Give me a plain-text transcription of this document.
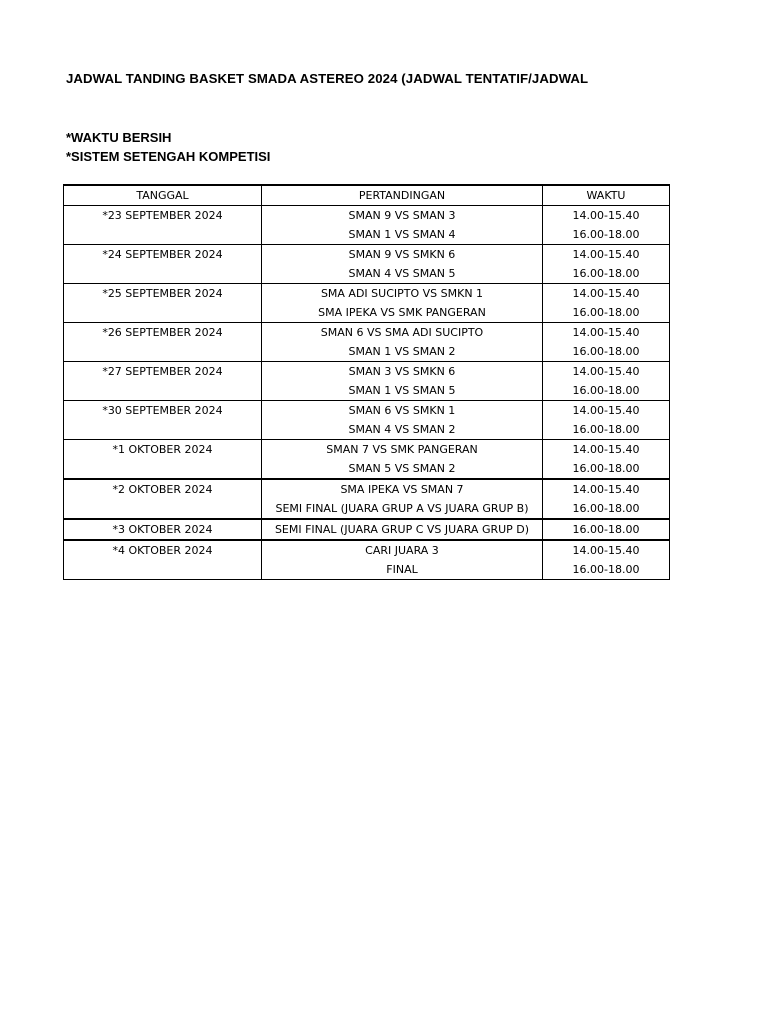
JADWAL TANDING BASKET SMADA ASTEREO 2024 (JADWAL TENTATIF/JADWAL
*WAKTU BERSIH
*SISTEM SETENGAH KOMPETISI
TANGGAL	PERTANDINGAN	WAKTU
*23 SEPTEMBER 2024	SMAN 9 VS SMAN 3	14.00-15.40
	SMAN 1 VS SMAN 4	16.00-18.00
*24 SEPTEMBER 2024	SMAN 9 VS SMKN 6	14.00-15.40
	SMAN 4 VS SMAN 5	16.00-18.00
*25 SEPTEMBER 2024	SMA ADI SUCIPTO VS SMKN 1	14.00-15.40
	SMA IPEKA VS SMK PANGERAN	16.00-18.00
*26 SEPTEMBER 2024	SMAN 6 VS SMA ADI SUCIPTO	14.00-15.40
	SMAN 1 VS SMAN 2	16.00-18.00
*27 SEPTEMBER 2024	SMAN 3 VS SMKN 6	14.00-15.40
	SMAN 1 VS SMAN 5	16.00-18.00
*30 SEPTEMBER 2024	SMAN 6 VS SMKN 1	14.00-15.40
	SMAN 4 VS SMAN 2	16.00-18.00
*1 OKTOBER 2024	SMAN 7 VS SMK PANGERAN	14.00-15.40
	SMAN 5 VS SMAN 2	16.00-18.00
*2 OKTOBER 2024	SMA IPEKA VS SMAN 7	14.00-15.40
	SEMI FINAL (JUARA GRUP A VS JUARA GRUP B)	16.00-18.00
*3 OKTOBER 2024	SEMI FINAL (JUARA GRUP C VS JUARA GRUP D)	16.00-18.00
*4 OKTOBER 2024	CARI JUARA 3	14.00-15.40
	FINAL	16.00-18.00
